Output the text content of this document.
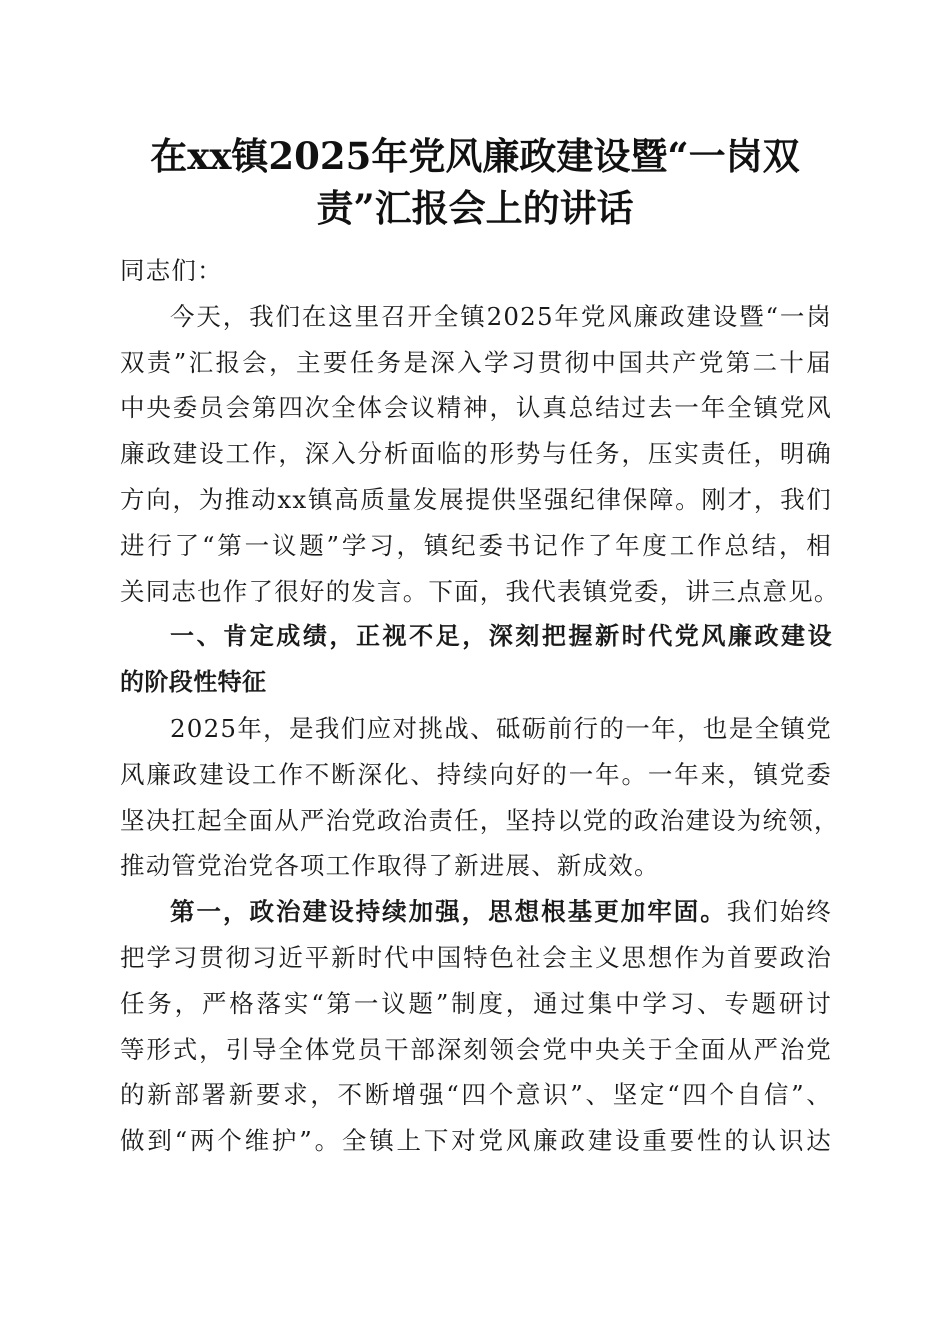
在xx镇2025年党风廉政建设暨“一岗双
责”汇报会上的讲话
同志们：
今天，我们在这里召开全镇2025年党风廉政建设暨“一岗
双责”汇报会，主要任务是深入学习贯彻中国共产党第二十届
中央委员会第四次全体会议精神，认真总结过去一年全镇党风
廉政建设工作，深入分析面临的形势与任务，压实责任，明确
方向，为推动xx镇高质量发展提供坚强纪律保障。刚才，我们
进行了“第一议题”学习，镇纪委书记作了年度工作总结，相
关同志也作了很好的发言。下面，我代表镇党委，讲三点意见。
一、肯定成绩，正视不足，深刻把握新时代党风廉政建设
的阶段性特征
2025年，是我们应对挑战、砥砺前行的一年，也是全镇党
风廉政建设工作不断深化、持续向好的一年。一年来，镇党委
坚决扛起全面从严治党政治责任，坚持以党的政治建设为统领，
推动管党治党各项工作取得了新进展、新成效。
第一，政治建设持续加强，思想根基更加牢固。我们始终
把学习贯彻习近平新时代中国特色社会主义思想作为首要政治
任务，严格落实“第一议题”制度，通过集中学习、专题研讨
等形式，引导全体党员干部深刻领会党中央关于全面从严治党
的新部署新要求，不断增强“四个意识”、坚定“四个自信”、
做到“两个维护”。全镇上下对党风廉政建设重要性的认识达
